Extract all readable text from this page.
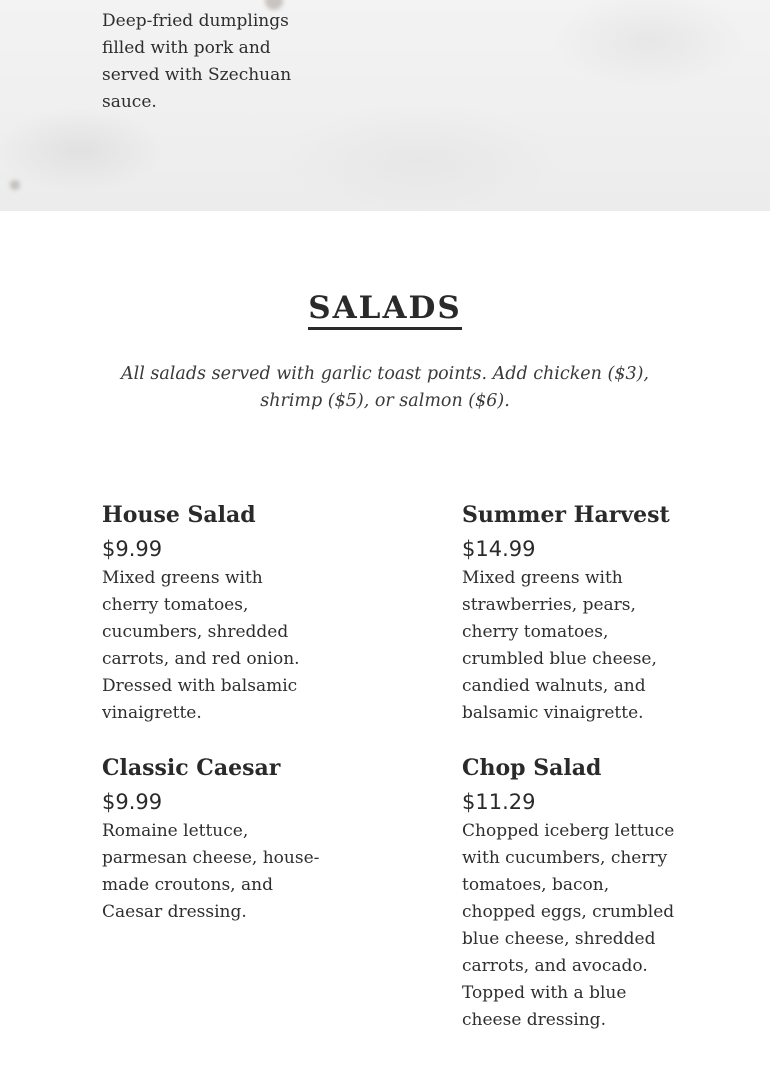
Deep-fried dumplings filled with pork and served with Szechuan sauce.
SALADS
All salads served with garlic toast points. Add chicken ($3), shrimp ($5), or salmon ($6).
House Salad
$9.99
Mixed greens with cherry tomatoes, cucumbers, shredded carrots, and red onion. Dressed with balsamic vinaigrette.
Summer Harvest
$14.99
Mixed greens with strawberries, pears, cherry tomatoes, crumbled blue cheese, candied walnuts, and balsamic vinaigrette.
Classic Caesar
$9.99
Romaine lettuce, parmesan cheese, house-made croutons, and Caesar dressing.
Chop Salad
$11.29
Chopped iceberg lettuce with cucumbers, cherry tomatoes, bacon, chopped eggs, crumbled blue cheese, shredded carrots, and avocado. Topped with a blue cheese dressing.
